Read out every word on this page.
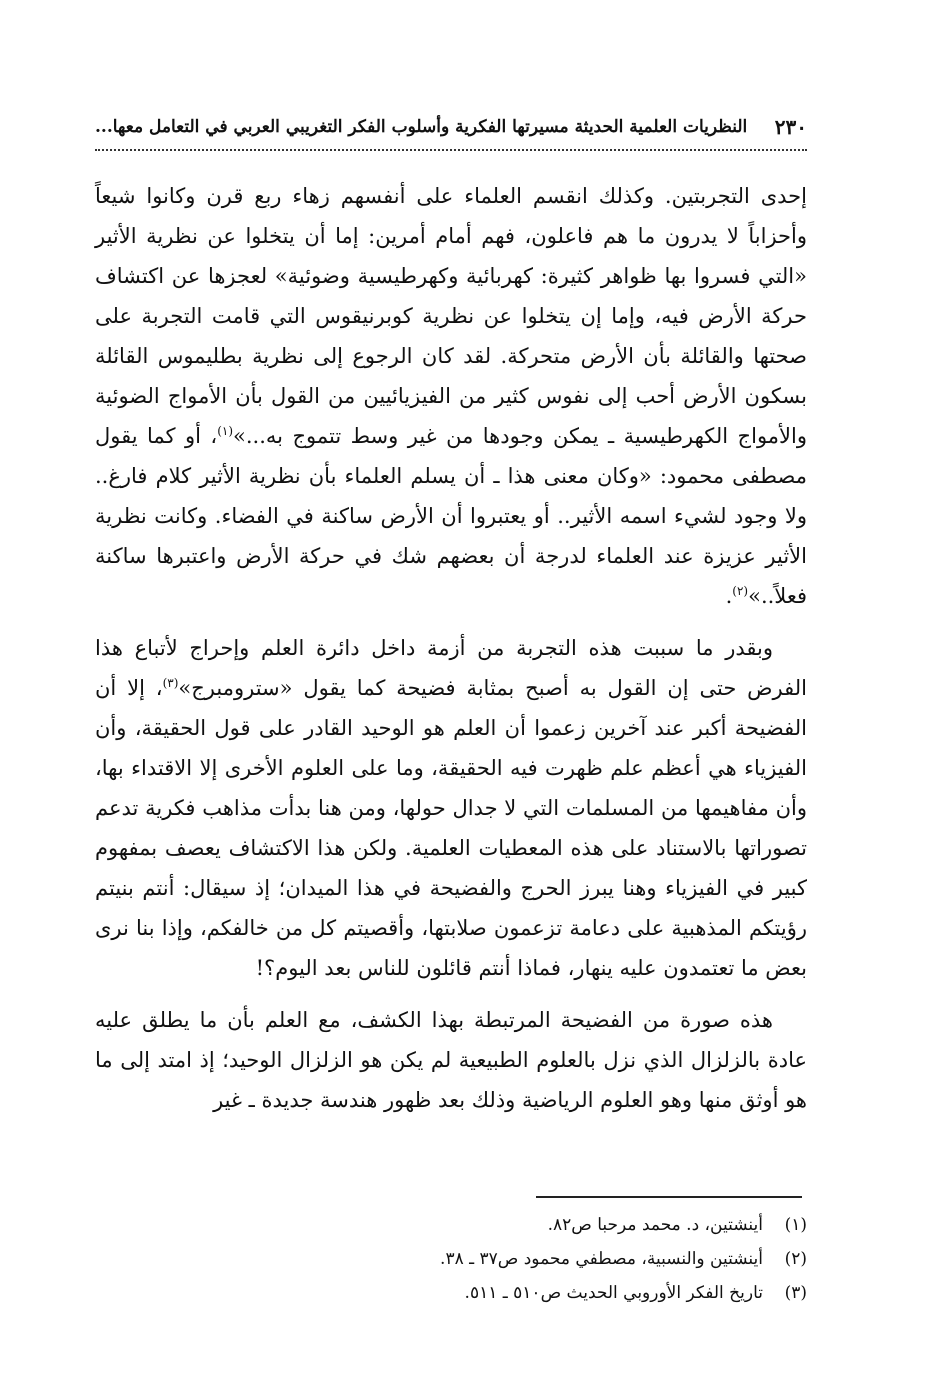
٢٣٠
النظريات العلمية الحديثة مسيرتها الفكرية وأسلوب الفكر التغريبي العربي في التعامل معها...

إحدى التجربتين. وكذلك انقسم العلماء على أنفسهم زهاء ربع قرن وكانوا شيعاً وأحزاباً لا يدرون ما هم فاعلون، فهم أمام أمرين: إما أن يتخلوا عن نظرية الأثير «التي فسروا بها ظواهر كثيرة: كهربائية وكهرطيسية وضوئية» لعجزها عن اكتشاف حركة الأرض فيه، وإما إن يتخلوا عن نظرية كوبرنيقوس التي قامت التجربة على صحتها والقائلة بأن الأرض متحركة. لقد كان الرجوع إلى نظرية بطليموس القائلة بسكون الأرض أحب إلى نفوس كثير من الفيزيائيين من القول بأن الأمواج الضوئية والأمواج الكهرطيسية ـ يمكن وجودها من غير وسط تتموج به...»$^{(١)}$، أو كما يقول مصطفى محمود: «وكان معنى هذا ـ أن يسلم العلماء بأن نظرية الأثير كلام فارغ.. ولا وجود لشيء اسمه الأثير.. أو يعتبروا أن الأرض ساكنة في الفضاء. وكانت نظرية الأثير عزيزة عند العلماء لدرجة أن بعضهم شك في حركة الأرض واعتبرها ساكنة فعلاً..»$^{(٢)}$.

وبقدر ما سببت هذه التجربة من أزمة داخل دائرة العلم وإحراج لأتباع هذا الفرض حتى إن القول به أصبح بمثابة فضيحة كما يقول «سترومبرج»$^{(٣)}$، إلا أن الفضيحة أكبر عند آخرين زعموا أن العلم هو الوحيد القادر على قول الحقيقة، وأن الفيزياء هي أعظم علم ظهرت فيه الحقيقة، وما على العلوم الأخرى إلا الاقتداء بها، وأن مفاهيمها من المسلمات التي لا جدال حولها، ومن هنا بدأت مذاهب فكرية تدعم تصوراتها بالاستناد على هذه المعطيات العلمية. ولكن هذا الاكتشاف يعصف بمفهوم كبير في الفيزياء وهنا يبرز الحرج والفضيحة في هذا الميدان؛ إذ سيقال: أنتم بنيتم رؤيتكم المذهبية على دعامة تزعمون صلابتها، وأقصيتم كل من خالفكم، وإذا بنا نرى بعض ما تعتمدون عليه ينهار، فماذا أنتم قائلون للناس بعد اليوم؟!

هذه صورة من الفضيحة المرتبطة بهذا الكشف، مع العلم بأن ما يطلق عليه عادة بالزلزال الذي نزل بالعلوم الطبيعية لم يكن هو الزلزال الوحيد؛ إذ امتد إلى ما هو أوثق منها وهو العلوم الرياضية وذلك بعد ظهور هندسة جديدة ـ غير

(١)
أينشتين، د. محمد مرحبا ص٨٢.
(٢)
أينشتين والنسبية، مصطفي محمود ص٣٧ ـ ٣٨.
(٣)
تاريخ الفكر الأوروبي الحديث ص٥١٠ ـ ٥١١.
